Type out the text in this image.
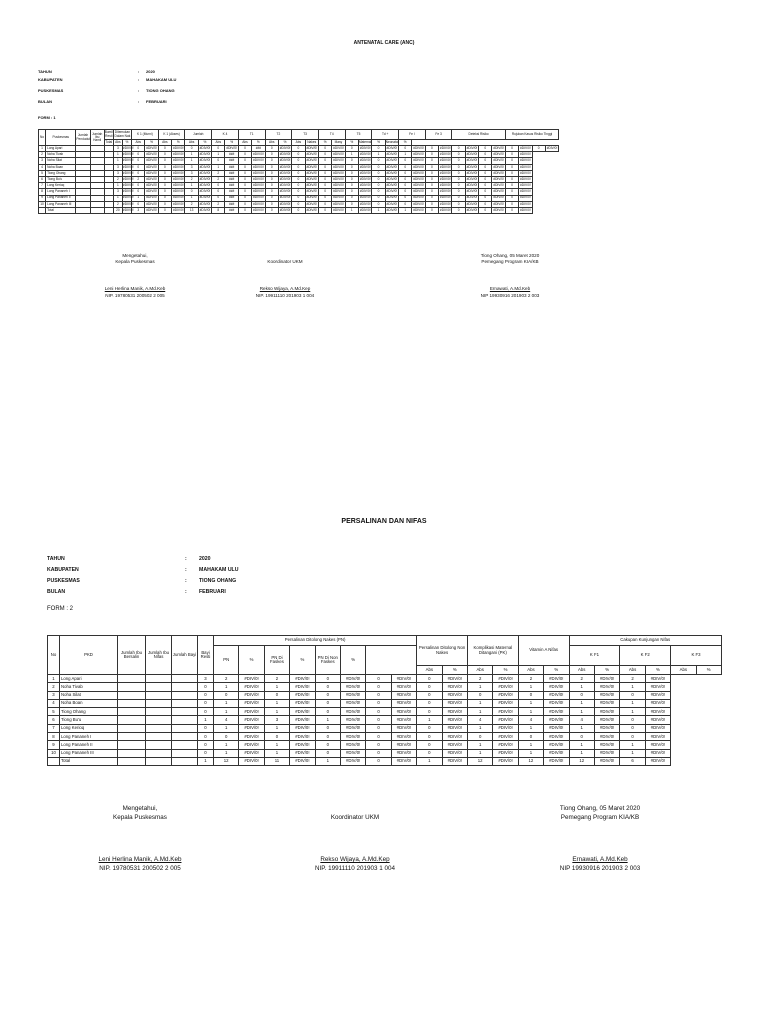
ANTENATAL CARE (ANC)
TAHUN	:	2020
KABUPATEN	:	MAHAKAM ULU
PUSKESMAS	:	TIONG OHANG
BULAN	:	FEBRUARI
FORM : 1
No	Puskesmas	Jumlah Penduduk	Jumlah Ibu Hamil	Bumil Resti	Ditemukan Dalam Nak		K 1 (Murni)		K 1 (Akses)		Jumlah		K 4		T1		T2		T3		T4		T5		Td +		Fe I		Fe 3		Deteksi Risiko				Rujukan Kasus Risiko Tinggi			
				Total	Abs	%	Abs	%	Abs	%	Abs	%	Abs	%	Abs	%	Abs	%	Abs	Nakes	%	Masy	%	Maternal	%	Neonatal	%											
1	Long Apari				3	#DIV/0!	0	#DIV/0!	0	#DIV/0!	0	#DIV/0!	0	#DIV/0!	0	###	0	#DIV/0!	0	#DIV/0!	0	#DIV/0!	0	#DIV/0!	0	#DIV/0!	0	#DIV/0!	0	#DIV/0!	0	#DIV/0!	0	#DIV/0!	0	#DIV/0!	0	#DIV/0!
2	Noha Tivab				1	#DIV/0!	0	#DIV/0!	0	#DIV/0!	1	#DIV/0!	1	###	0	#DIV/0!	0	#DIV/0!	0	#DIV/0!	0	#DIV/0!	1	#DIV/0!	1	#DIV/0!	1	#DIV/0!	0	#DIV/0!	0	#DIV/0!	0	#DIV/0!	0	#DIV/0!		
3	Noha Silat				1	#DIV/0!	0	#DIV/0!	0	#DIV/0!	1	#DIV/0!	0	###	0	#DIV/0!	0	#DIV/0!	0	#DIV/0!	0	#DIV/0!	0	#DIV/0!	0	#DIV/0!	0	#DIV/0!	0	#DIV/0!	0	#DIV/0!	0	#DIV/0!	0	#DIV/0!		
4	Noha Boan				3	#DIV/0!	0	#DIV/0!	0	#DIV/0!	3	#DIV/0!	1	###	0	#DIV/0!	0	#DIV/0!	0	#DIV/0!	0	#DIV/0!	0	#DIV/0!	0	#DIV/0!	0	#DIV/0!	0	#DIV/0!	0	#DIV/0!	0	#DIV/0!	0	#DIV/0!		
5	Tiong Ohang				3	#DIV/0!	0	#DIV/0!	0	#DIV/0!	3	#DIV/0!	2	###	0	#DIV/0!	0	#DIV/0!	0	#DIV/0!	0	#DIV/0!	0	#DIV/0!	0	#DIV/0!	0	#DIV/0!	0	#DIV/0!	0	#DIV/0!	0	#DIV/0!	0	#DIV/0!		
6	Tiong Bu'u				2	#DIV/0!	2	#DIV/0!	0	#DIV/0!	2	#DIV/0!	2	###	0	#DIV/0!	0	#DIV/0!	0	#DIV/0!	0	#DIV/0!	0	#DIV/0!	0	#DIV/0!	0	#DIV/0!	0	#DIV/0!	0	#DIV/0!	0	#DIV/0!	0	#DIV/0!		
7	Long Kerioq				1	#DIV/0!	0	#DIV/0!	0	#DIV/0!	1	#DIV/0!	0	###	0	#DIV/0!	0	#DIV/0!	0	#DIV/0!	0	#DIV/0!	0	#DIV/0!	0	#DIV/0!	0	#DIV/0!	0	#DIV/0!	0	#DIV/0!	0	#DIV/0!	0	#DIV/0!		
8	Long Pananeh I				3	#DIV/0!	0	#DIV/0!	0	#DIV/0!	0	#DIV/0!	0	###	0	#DIV/0!	0	#DIV/0!	0	#DIV/0!	0	#DIV/0!	0	#DIV/0!	0	#DIV/0!	0	#DIV/0!	0	#DIV/0!	0	#DIV/0!	0	#DIV/0!	0	#DIV/0!		
9	Long Pananeh II				1	#DIV/0!	1	#DIV/0!	0	#DIV/0!	1	#DIV/0!	0	###	0	#DIV/0!	0	#DIV/0!	0	#DIV/0!	0	#DIV/0!	0	#DIV/0!	0	#DIV/0!	0	#DIV/0!	0	#DIV/0!	0	#DIV/0!	0	#DIV/0!	0	#DIV/0!		
10	Long Pananeh III				2	#DIV/0!	0	#DIV/0!	0	#DIV/0!	2	#DIV/0!	2	###	0	#DIV/0!	0	#DIV/0!	0	#DIV/0!	0	#DIV/0!	0	#DIV/0!	0	#DIV/0!	0	#DIV/0!	0	#DIV/0!	0	#DIV/0!	0	#DIV/0!	0	#DIV/0!		
	Total				20	#DIV/0!	3	#DIV/0!	0	#DIV/0!	13	#DIV/0!	8	###	0	#DIV/0!	0	#DIV/0!	0	#DIV/0!	0	#DIV/0!	1	#DIV/0!	1	#DIV/0!	1	#DIV/0!	0	#DIV/0!	0	#DIV/0!	0	#DIV/0!	0	#DIV/0!		
Mengetahui,
Kepala Puskesmas
Leni Herlina Manik, A.Md.Keb
NIP. 19780531 200502 2 005

Koordinator UKM
Rekso Wijaya, A.Md.Kep
NIP. 19911110 201903 1 004
Tiong Ohang, 05 Maret 2020
Pemegang Program KIA/KB
Ernawati, A.Md.Keb
NIP 19930916 201903 2 003
PERSALINAN DAN NIFAS
TAHUN	:	2020
KABUPATEN	:	MAHAKAM ULU
PUSKESMAS	:	TIONG OHANG
BULAN	:	FEBRUARI
FORM : 2
No	PKD	Jumlah Ibu Bersalin	Jumlah Ibu Nifas	Jumlah Bayi	Bayi Resti	Persalinan Ditolong Nakes (PN)								Persalinan Ditolong Non Nakes		Komplikasi Maternal Ditangani (PK)		Vitamin A Nifas		Cakupan Kunjungan Nifas					
						PN	%	PN Di Faskes	%	PN Di Non Faskes	%									K F1		K F2		K F3	
														Abs	%	Abs	%	Abs	%	Abs	%	Abs	%	Abs	%
1	Long Apari				3	2	#DIV/0!	2	#DIV/0!	0	#DIV/0!	0	#DIV/0!	0	#DIV/0!	2	#DIV/0!	2	#DIV/0!	2	#DIV/0!	2	#DIV/0!		
2	Noha Tivab				0	1	#DIV/0!	1	#DIV/0!	0	#DIV/0!	0	#DIV/0!	0	#DIV/0!	1	#DIV/0!	1	#DIV/0!	1	#DIV/0!	1	#DIV/0!		
3	Noha Silat				0	0	#DIV/0!	0	#DIV/0!	0	#DIV/0!	0	#DIV/0!	0	#DIV/0!	0	#DIV/0!	0	#DIV/0!	0	#DIV/0!	0	#DIV/0!		
4	Noha Boan				0	1	#DIV/0!	1	#DIV/0!	0	#DIV/0!	0	#DIV/0!	0	#DIV/0!	1	#DIV/0!	1	#DIV/0!	1	#DIV/0!	1	#DIV/0!		
5	Tiong Ohang				0	1	#DIV/0!	1	#DIV/0!	0	#DIV/0!	0	#DIV/0!	0	#DIV/0!	1	#DIV/0!	1	#DIV/0!	1	#DIV/0!	1	#DIV/0!		
6	Tiong Bu'u				1	4	#DIV/0!	3	#DIV/0!	1	#DIV/0!	0	#DIV/0!	1	#DIV/0!	4	#DIV/0!	4	#DIV/0!	4	#DIV/0!	0	#DIV/0!		
7	Long Kerioq				0	1	#DIV/0!	1	#DIV/0!	0	#DIV/0!	0	#DIV/0!	0	#DIV/0!	1	#DIV/0!	1	#DIV/0!	1	#DIV/0!	0	#DIV/0!		
8	Long Pananeh I				0	0	#DIV/0!	0	#DIV/0!	0	#DIV/0!	0	#DIV/0!	0	#DIV/0!	0	#DIV/0!	0	#DIV/0!	0	#DIV/0!	0	#DIV/0!		
9	Long Pananeh II				0	1	#DIV/0!	1	#DIV/0!	0	#DIV/0!	0	#DIV/0!	0	#DIV/0!	1	#DIV/0!	1	#DIV/0!	1	#DIV/0!	1	#DIV/0!		
10	Long Pananeh III				0	1	#DIV/0!	1	#DIV/0!	0	#DIV/0!	0	#DIV/0!	0	#DIV/0!	1	#DIV/0!	1	#DIV/0!	1	#DIV/0!	1	#DIV/0!		
	Total				1	12	#DIV/0!	11	#DIV/0!	1	#DIV/0!	0	#DIV/0!	1	#DIV/0!	12	#DIV/0!	12	#DIV/0!	12	#DIV/0!	6	#DIV/0!		
Mengetahui,
Kepala Puskesmas
Leni Herlina Manik, A.Md.Keb
NIP. 19780531 200502 2 005

Koordinator UKM
Rekso Wijaya, A.Md.Kep
NIP. 19911110 201903 1 004
Tiong Ohang, 05 Maret 2020
Pemegang Program KIA/KB
Ernawati, A.Md.Keb
NIP 19930916 201903 2 003
